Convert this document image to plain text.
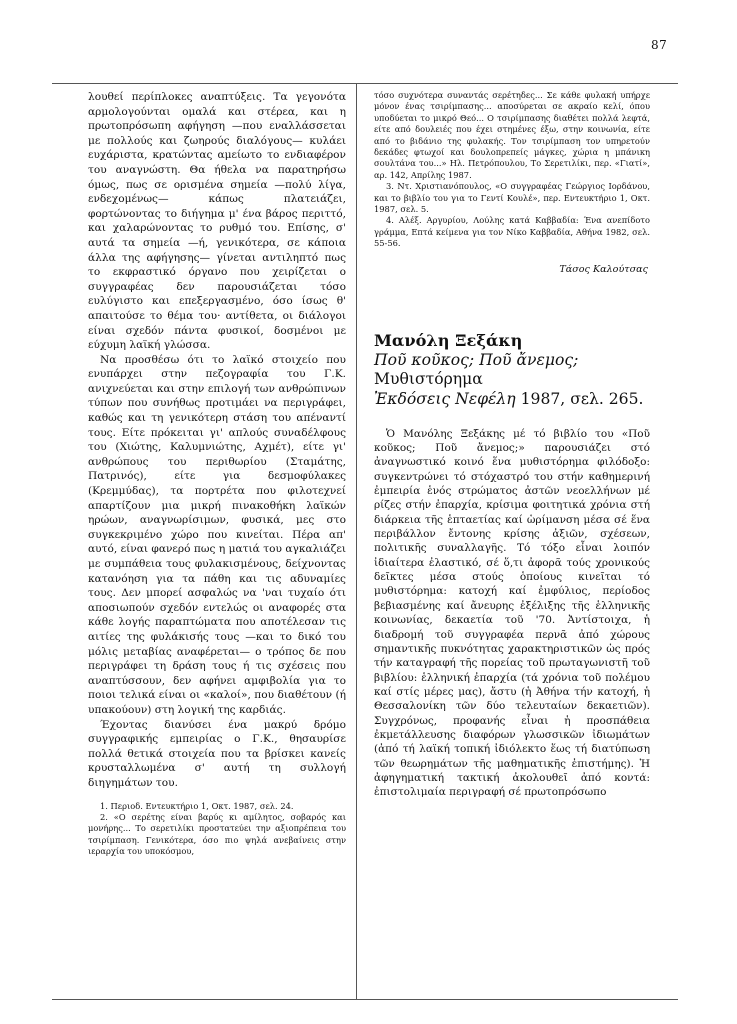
87

λουθεί περίπλοκες αναπτύξεις. Τα γεγονότα αρμολογούνται ομαλά και στέρεα, και η πρωτοπρόσωπη αφήγηση —που εναλλάσσεται με πολλούς και ζωηρούς διαλόγους— κυλάει ευχάριστα, κρατώντας αμείωτο το ενδιαφέρον του αναγνώστη. Θα ήθελα να παρατηρήσω όμως, πως σε ορισμένα σημεία —πολύ λίγα, ενδεχομένως— κάπως πλατειάζει, φορτώνοντας το διήγημα μ' ένα βάρος περιττό, και χαλαρώνοντας το ρυθμό του. Επίσης, σ' αυτά τα σημεία —ή, γενικότερα, σε κάποια άλλα της αφήγησης— γίνεται αντιληπτό πως το εκφραστικό όργανο που χειρίζεται ο συγγραφέας δεν παρουσιάζεται τόσο ευλύγιστο και επεξεργασμένο, όσο ίσως θ' απαιτούσε το θέμα του· αντίθετα, οι διάλογοι είναι σχεδόν πάντα φυσικοί, δοσμένοι με εύχυμη λαϊκή γλώσσα.

Να προσθέσω ότι το λαϊκό στοιχείο που ενυπάρχει στην πεζογραφία του Γ.Κ. ανιχνεύεται και στην επιλογή των ανθρώπινων τύπων που συνήθως προτιμάει να περιγράφει, καθώς και τη γενικότερη στάση του απέναντί τους. Είτε πρόκειται γι' απλούς συναδέλφους του (Χιώτης, Καλυμνιώτης, Αχμέτ), είτε γι' ανθρώπους του περιθωρίου (Σταμάτης, Πατρινός), είτε για δεσμοφύλακες (Κρεμμύδας), τα πορτρέτα που φιλοτεχνεί απαρτίζουν μια μικρή πινακοθήκη λαϊκών ηρώων, αναγνωρίσιμων, φυσικά, μες στο συγκεκριμένο χώρο που κινείται. Πέρα απ' αυτό, είναι φανερό πως η ματιά του αγκαλιάζει με συμπάθεια τους φυλακισμένους, δείχνοντας κατανόηση για τα πάθη και τις αδυναμίες τους. Δεν μπορεί ασφαλώς να 'ναι τυχαίο ότι αποσιωπούν σχεδόν εντελώς οι αναφορές στα κάθε λογής παραπτώματα που αποτέλεσαν τις αιτίες της φυλάκισής τους —και το δικό του μόλις μεταβίας αναφέρεται— ο τρόπος δε που περιγράφει τη δράση τους ή τις σχέσεις που αναπτύσσουν, δεν αφήνει αμφιβολία για το ποιοι τελικά είναι οι «καλοί», που διαθέτουν (ή υπακούουν) στη λογική της καρδιάς.

Έχοντας διανύσει ένα μακρύ δρόμο συγγραφικής εμπειρίας ο Γ.Κ., θησαυρίσε πολλά θετικά στοιχεία που τα βρίσκει κανείς κρυσταλλωμένα σ' αυτή τη συλλογή διηγημάτων του.

1. Περιοδ. Εντευκτήριο 1, Οκτ. 1987, σελ. 24.

2. «Ο σερέτης είναι βαρύς κι αμίλητος, σοβαρός και μονήρης... Το σερετιλίκι προστατεύει την αξιοπρέπεια του τσιρίμπαση. Γενικότερα, όσο πιο ψηλά ανεβαίνεις στην ιεραρχία του υποκόσμου,

τόσο συχνότερα συναντάς σερέτηδες... Σε κάθε φυλακή υπήρχε μόνον ένας τσιρίμπασης... αποσύρεται σε ακραίο κελί, όπου υποδύεται το μικρό Θεό... Ο τσιρίμπασης διαθέτει πολλά λεφτά, είτε από δουλειές που έχει στημένες έξω, στην κοινωνία, είτε από το βιδάνιο της φυλακής. Τον τσιρίμπαση τον υπηρετούν δεκάδες φτωχοί και δουλοπρεπείς μάγκες, χώρια η μπάνικη σουλτάνα του...» Ηλ. Πετρόπουλου, Το Σερετιλίκι, περ. «Γιατί», αρ. 142, Απρίλης 1987.

3. Ντ. Χριστιανόπουλος, «Ο συγγραφέας Γεώργιος Ιορδάνου, και το βιβλίο του για το Γεντί Κουλέ», περ. Εντευκτήριο 1, Οκτ. 1987, σελ. 5.

4. Αλέξ. Αργυρίου, Λούλης κατά Καββαδία: Ένα ανεπίδοτο γράμμα, Επτά κείμενα για τον Νίκο Καββαδία, Αθήνα 1982, σελ. 55-56.

Τάσος Καλούτσας

Μανόλη Ξεξάκη
Ποῦ κοῦκος; Ποῦ ἄνεμος;
Μυθιστόρημα
Ἐκδόσεις Νεφέλη 1987, σελ. 265.

Ὁ Μανόλης Ξεξάκης μέ τό βιβλίο του «Ποῦ κοῦκος; Ποῦ ἄνεμος;» παρουσιάζει στό ἀναγνωστικό κοινό ἕνα μυθιστόρημα φιλόδοξο: συγκεντρώνει τό στόχαστρό του στήν καθημερινή ἐμπειρία ἑνός στρώματος ἀστῶν νεοελλήνων μέ ρίζες στήν ἐπαρχία, κρίσιμα φοιτητικά χρόνια στή διάρκεια τῆς ἑπταετίας καί ὡρίμανση μέσα σέ ἕνα περιβάλλον ἔντονης κρίσης ἀξιῶν, σχέσεων, πολιτικῆς συναλλαγῆς. Τό τόξο εἶναι λοιπόν ἰδιαίτερα ἐλαστικό, σέ ὅ,τι ἀφορᾶ τούς χρονικούς δεῖκτες μέσα στούς ὁποίους κινεῖται τό μυθιστόρημα: κατοχή καί ἐμφύλιος, περίοδος βεβιασμένης καί ἄνευρης ἐξέλιξης τῆς ἑλληνικῆς κοινωνίας, δεκαετία τοῦ '70. Ἀντίστοιχα, ἡ διαδρομή τοῦ συγγραφέα περνᾶ ἀπό χώρους σημαντικῆς πυκνότητας χαρακτηριστικῶν ὡς πρός τήν καταγραφή τῆς πορείας τοῦ πρωταγωνιστῆ τοῦ βιβλίου: ἑλληνική ἐπαρχία (τά χρόνια τοῦ πολέμου καί στίς μέρες μας), ἄστυ (ἡ Ἀθήνα τήν κατοχή, ἡ Θεσσαλονίκη τῶν δύο τελευταίων δεκαετιῶν). Συγχρόνως, προφανής εἶναι ἡ προσπάθεια ἐκμετάλλευσης διαφόρων γλωσσικῶν ἰδιωμάτων (ἀπό τή λαϊκή τοπική ἰδιόλεκτο ἕως τή διατύπωση τῶν θεωρημάτων τῆς μαθηματικῆς ἐπιστήμης). Ἡ ἀφηγηματική τακτική ἀκολουθεῖ ἀπό κοντά: ἐπιστολιμαία περιγραφή σέ πρωτοπρόσωπο
